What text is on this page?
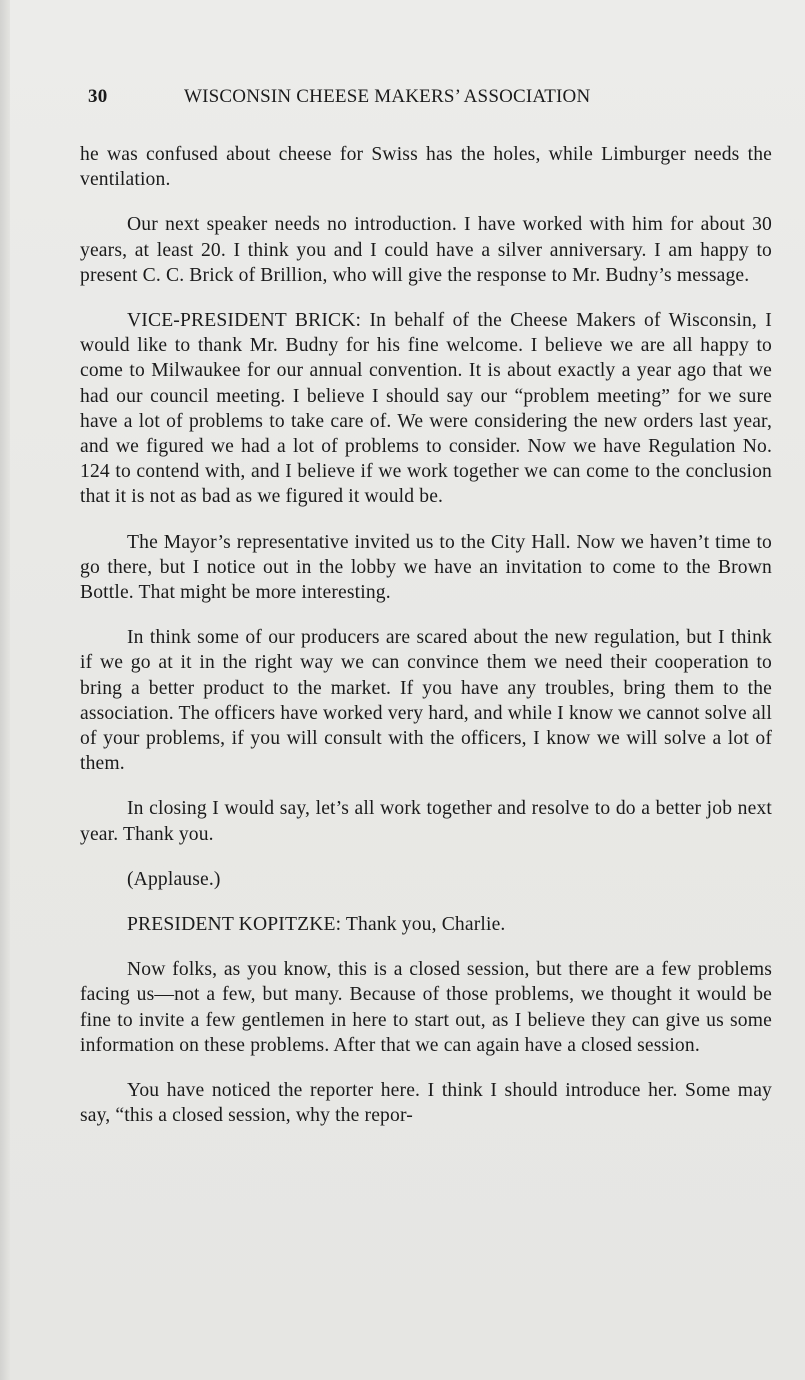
30	WISCONSIN CHEESE MAKERS’ ASSOCIATION

he was confused about cheese for Swiss has the holes, while Limburger needs the ventilation.

Our next speaker needs no introduction. I have worked with him for about 30 years, at least 20. I think you and I could have a silver anniversary. I am happy to present C. C. Brick of Brillion, who will give the response to Mr. Budny’s message.

VICE-PRESIDENT BRICK: In behalf of the Cheese Makers of Wisconsin, I would like to thank Mr. Budny for his fine welcome. I believe we are all happy to come to Milwaukee for our annual convention. It is about exactly a year ago that we had our council meeting. I believe I should say our “problem meeting” for we sure have a lot of problems to take care of. We were considering the new orders last year, and we figured we had a lot of problems to consider. Now we have Regulation No. 124 to contend with, and I believe if we work together we can come to the conclusion that it is not as bad as we figured it would be.

The Mayor’s representative invited us to the City Hall. Now we haven’t time to go there, but I notice out in the lobby we have an invitation to come to the Brown Bottle. That might be more interesting.

In think some of our producers are scared about the new regulation, but I think if we go at it in the right way we can convince them we need their cooperation to bring a better product to the market. If you have any troubles, bring them to the association. The officers have worked very hard, and while I know we cannot solve all of your problems, if you will consult with the officers, I know we will solve a lot of them.

In closing I would say, let’s all work together and resolve to do a better job next year. Thank you.

(Applause.)

PRESIDENT KOPITZKE: Thank you, Charlie.

Now folks, as you know, this is a closed session, but there are a few problems facing us—not a few, but many. Because of those problems, we thought it would be fine to invite a few gentlemen in here to start out, as I believe they can give us some information on these problems. After that we can again have a closed session.

You have noticed the reporter here. I think I should introduce her. Some may say, “this a closed session, why the repor-
